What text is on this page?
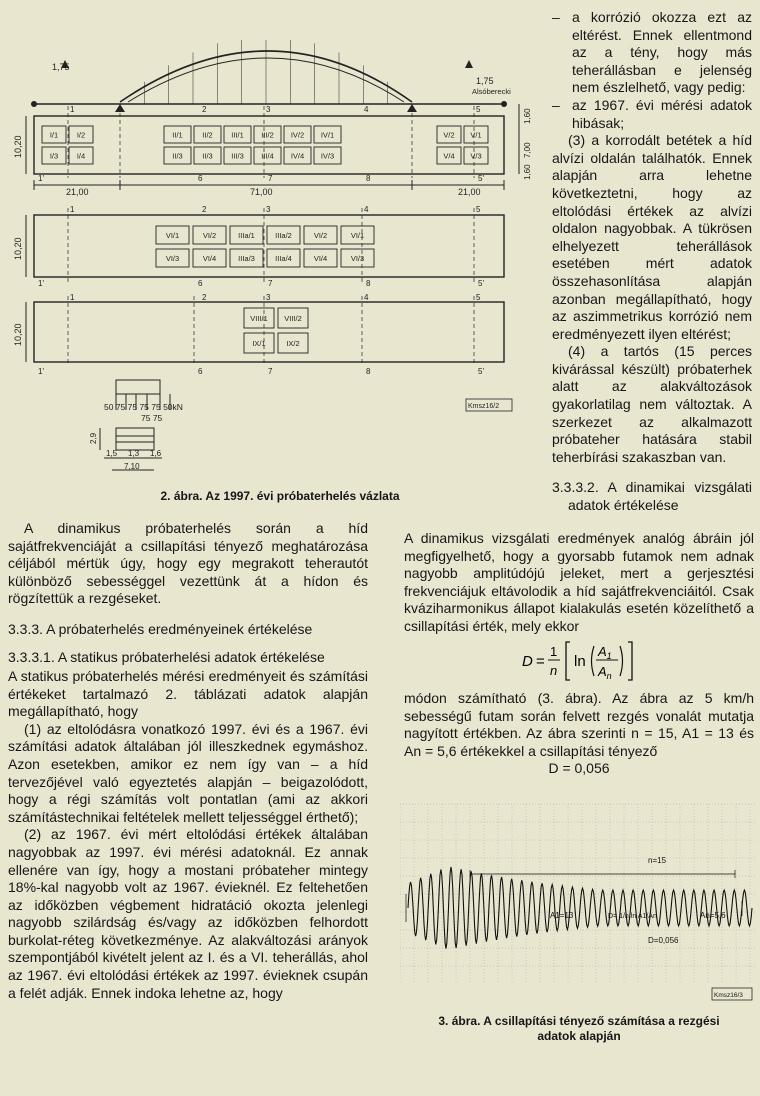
I/1 I/2
I/3 I/4
II/1	II/2 III/1 III/2 IV/2 IV/1
II/3	II/3 III/3 III/4 IV/4 IV/3
V/2 V/1
V/4 V/3
VI/1	VI/2	IIIa/1	IIIa/2	VI/2	VI/1
VI/3	VI/4	IIIa/3	IIIa/4	VI/4	VI/3
VIII/1 VIII/2
IX/1	IX/2
1	2	3	4	5
1	2	3	4	5
1	2	3	4	5
1'	6	7	8	5'
1'	6	7	8	5'
1'	6	7	8	5'
1,75
1,75
Alsóberecki
21,00	71,00	21,00
10,20
10,20
10,20
1,60
7,00
1,60
Kmsz16/2
50 75 75 75 75 50kN
75 75
2,9
1,5 1,3 1,6
7,10
2. ábra. Az 1997. évi próbaterhelés vázlata

A dinamikus próbaterhelés során a híd sajátfrekvenciáját a csillapítási tényező meghatározása céljából mértük úgy, hogy egy megrakott teherautót különböző sebességgel vezettünk át a hídon és rögzítettük a rezgéseket.

3.3.3. A próbaterhelés eredményeinek értékelése

3.3.3.1. A statikus próbaterhelési adatok értékelése

A statikus próbaterhelés mérési eredményeit és számítási értékeket tartalmazó 2. táblázati adatok alapján megállapítható, hogy

(1) az eltolódásra vonatkozó 1997. évi és a 1967. évi számítási adatok általában jól illeszkednek egymáshoz. Azon esetekben, amikor ez nem így van – a híd tervezőjével való egyeztetés alapján – beigazolódott, hogy a régi számítás volt pontatlan (ami az akkori számítástechnikai feltételek mellett teljességgel érthető);

(2) az 1967. évi mért eltolódási értékek általában nagyobbak az 1997. évi mérési adatoknál. Ez annak ellenére van így, hogy a mostani próbateher mintegy 18%-kal nagyobb volt az 1967. évieknél. Ez feltehetően az időközben végbement hidratáció okozta jelenlegi nagyobb szilárdság és/vagy az időközben felhordott burkolat-réteg következménye. Az alakváltozási arányok szempontjából kivételt jelent az I. és a VI. teherállás, ahol az 1967. évi eltolódási értékek az 1997. évieknek csupán a felét adják. Ennek indoka lehetne az, hogy

– a korrózió okozza ezt az eltérést. Ennek ellentmond az a tény, hogy más teherállásban e jelenség nem észlelhető, vagy pedig:

– az 1967. évi mérési adatok hibásak;

(3) a korrodált betétek a híd alvízi oldalán találhatók. Ennek alapján arra lehetne következtetni, hogy az eltolódási értékek az alvízi oldalon nagyobbak. A tükrösen elhelyezett teherállások esetében mért adatok összehasonlítása alapján azonban megállapítható, hogy az aszimmetrikus korrózió nem eredményezett ilyen eltérést;

(4) a tartós (15 perces kivárással készült) próbaterhek alatt az alakváltozások gyakorlatilag nem változtak. A szerkezet az alkalmazott próbateher hatására stabil teherbírási szakaszban van.

3.3.3.2. A dinamikai vizsgálati adatok értékelése

A dinamikus vizsgálati eredmények analóg ábráin jól megfigyelhető, hogy a gyorsabb futamok nem adnak nagyobb amplitúdójú jeleket, mert a gerjesztési frekvenciájuk eltávolodik a híd sajátfrekvenciáitól. Csak kváziharmonikus állapot kialakulás esetén közelíthető a csillapítási érték, mely ekkor

D =
1
n
ln
$A_1$
$A_n$

módon számítható (3. ábra). Az ábra az 5 km/h sebességű futam során felvett rezgés vonalát mutatja nagyított értékben. Az ábra szerinti n = 15, A1 = 13 és An = 5,6 értékekkel a csillapítási tényező

D = 0,056

n=15
A1=13	An=5,6
D= 1/n ln A1/An
D=0,056
Kmsz16/3
3. ábra. A csillapítási tényező számítása a rezgési
adatok alapján
